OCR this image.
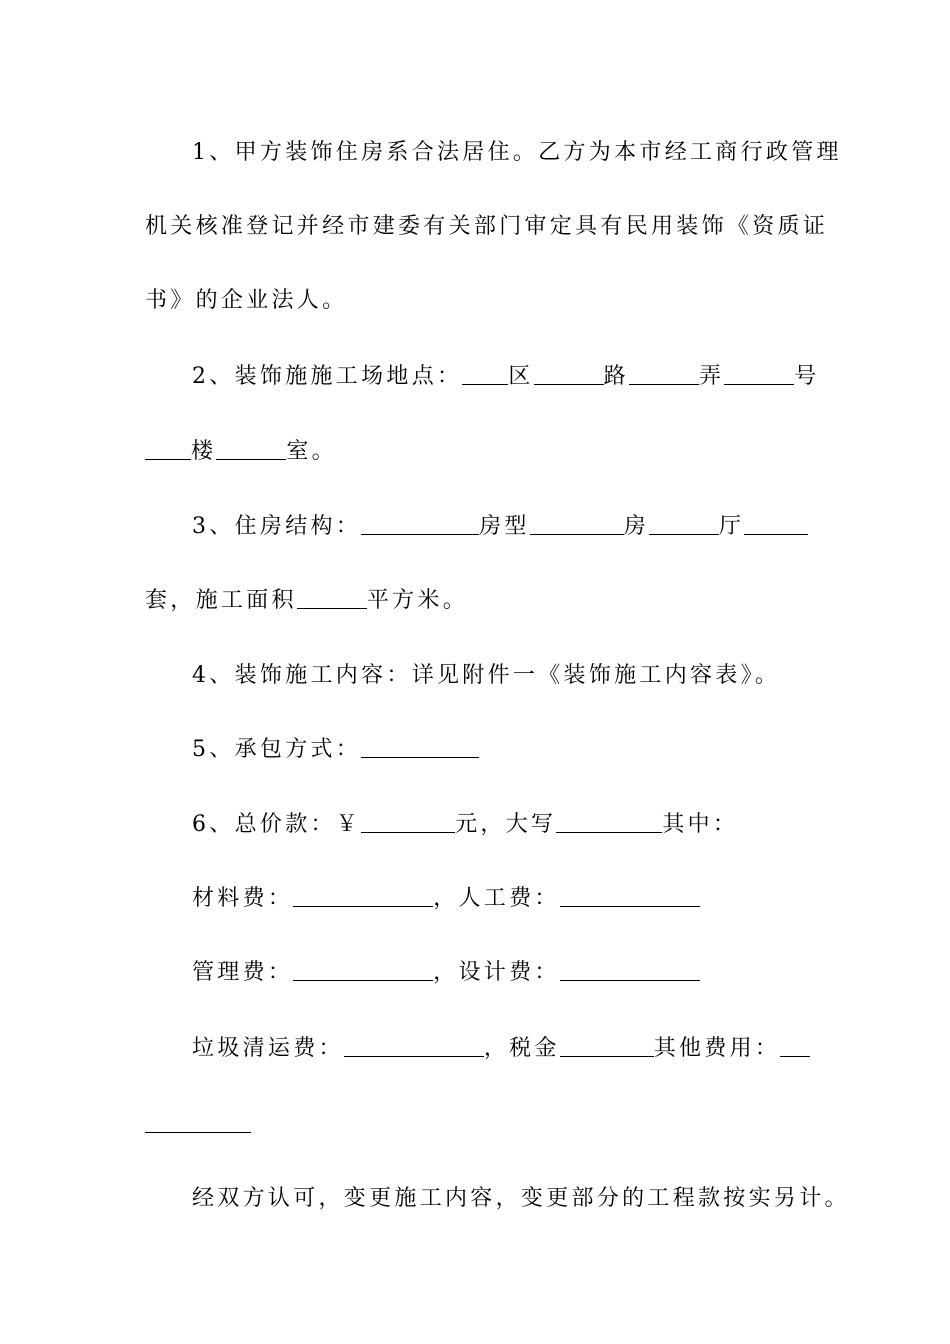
1、甲方装饰住房系合法居住。乙方为本市经工商行政管理
机关核准登记并经市建委有关部门审定具有民用装饰《资质证
书》的企业法人。
2、装饰施施工场地点： 区	路	弄	号
楼	室。
3、住房结构：	房型	房	厅
套，施工面积	平方米。
4、装饰施工内容：详见附件一《装饰施工内容表》。
5、承包方式：
6、总价款：￥	元，大写	其中：
材料费：	，人工费：
管理费：	，设计费：
垃圾清运费：	，税金	其他费用：
经双方认可，变更施工内容，变更部分的工程款按实另计。
